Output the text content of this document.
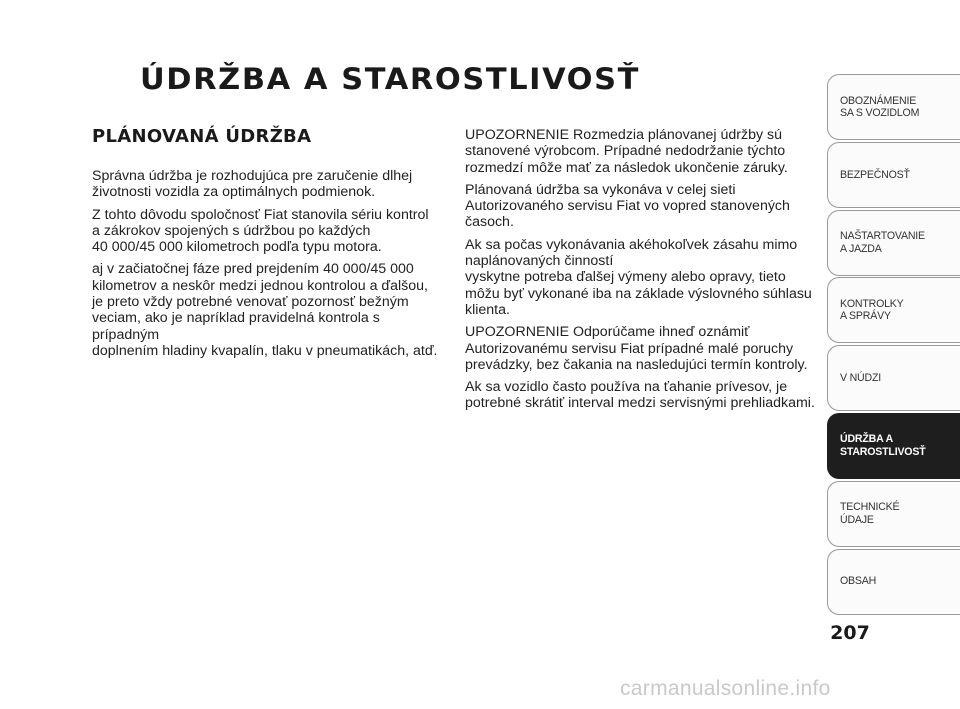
ÚDRŽBA A STAROSTLIVOSŤ
PLÁNOVANÁ ÚDRŽBA

Správna údržba je rozhodujúca pre zaručenie dlhej
životnosti vozidla za optimálnych podmienok.

Z tohto dôvodu spoločnosť Fiat stanovila sériu kontrol
a zákrokov spojených s údržbou po každých
40 000/45 000 kilometroch podľa typu motora.

aj v začiatočnej fáze pred prejdením 40 000/45 000
kilometrov a neskôr medzi jednou kontrolou a ďalšou,
je preto vždy potrebné venovať pozornosť bežným
veciam, ako je napríklad pravidelná kontrola s prípadným
doplnením hladiny kvapalín, tlaku v pneumatikách, atď.

UPOZORNENIE Rozmedzia plánovanej údržby sú
stanovené výrobcom. Prípadné nedodržanie týchto
rozmedzí môže mať za následok ukončenie záruky.

Plánovaná údržba sa vykonáva v celej sieti
Autorizovaného servisu Fiat vo vopred stanovených
časoch.

Ak sa počas vykonávania akéhokoľvek zásahu mimo
naplánovaných činností
vyskytne potreba ďalšej výmeny alebo opravy, tieto
môžu byť vykonané iba na základe výslovného súhlasu
klienta.

UPOZORNENIE Odporúčame ihneď oznámiť
Autorizovanému servisu Fiat prípadné malé poruchy
prevádzky, bez čakania na nasledujúci termín kontroly.

Ak sa vozidlo často používa na ťahanie prívesov, je
potrebné skrátiť interval medzi servisnými prehliadkami.

OBOZNÁMENIE
SA S VOZIDLOM
BEZPEČNOSŤ
NAŠTARTOVANIE
A JAZDA
KONTROLKY
A SPRÁVY
V NÚDZI
ÚDRŽBA A
STAROSTLIVOSŤ
TECHNICKÉ
ÚDAJE
OBSAH
207
carmanualsonline.info
